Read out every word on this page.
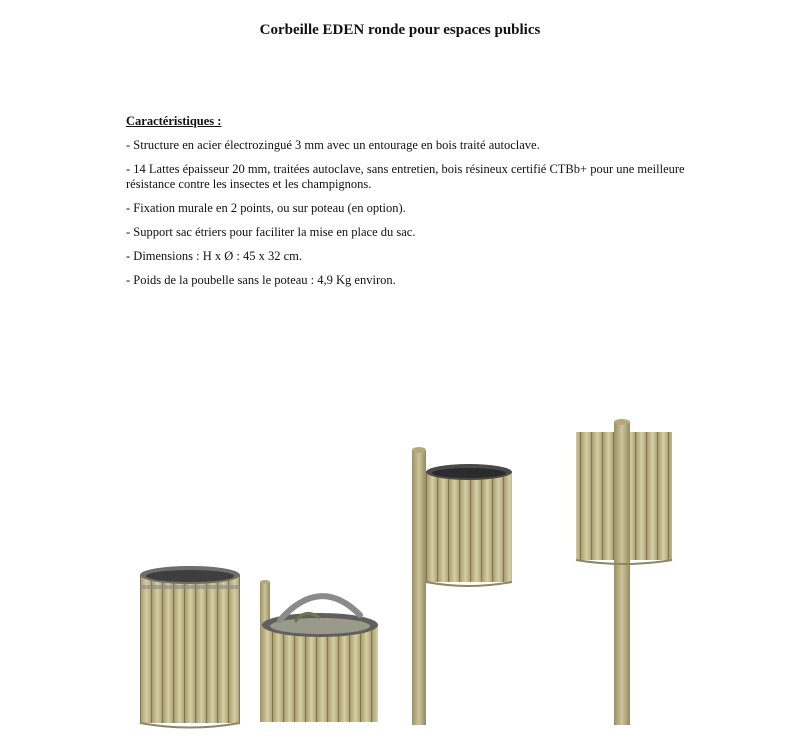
Corbeille EDEN ronde pour espaces publics
Caractéristiques :
- Structure en acier électrozingué 3 mm avec un entourage en bois traité autoclave.
- 14 Lattes épaisseur 20 mm, traitées autoclave, sans entretien, bois résineux certifié CTBb+ pour une meilleure résistance contre les insectes et les champignons.
- Fixation murale en 2 points, ou sur poteau (en option).
- Support sac étriers pour faciliter la mise en place du sac.
- Dimensions : H x Ø : 45 x 32 cm.
- Poids de la poubelle sans le poteau : 4,9 Kg environ.
